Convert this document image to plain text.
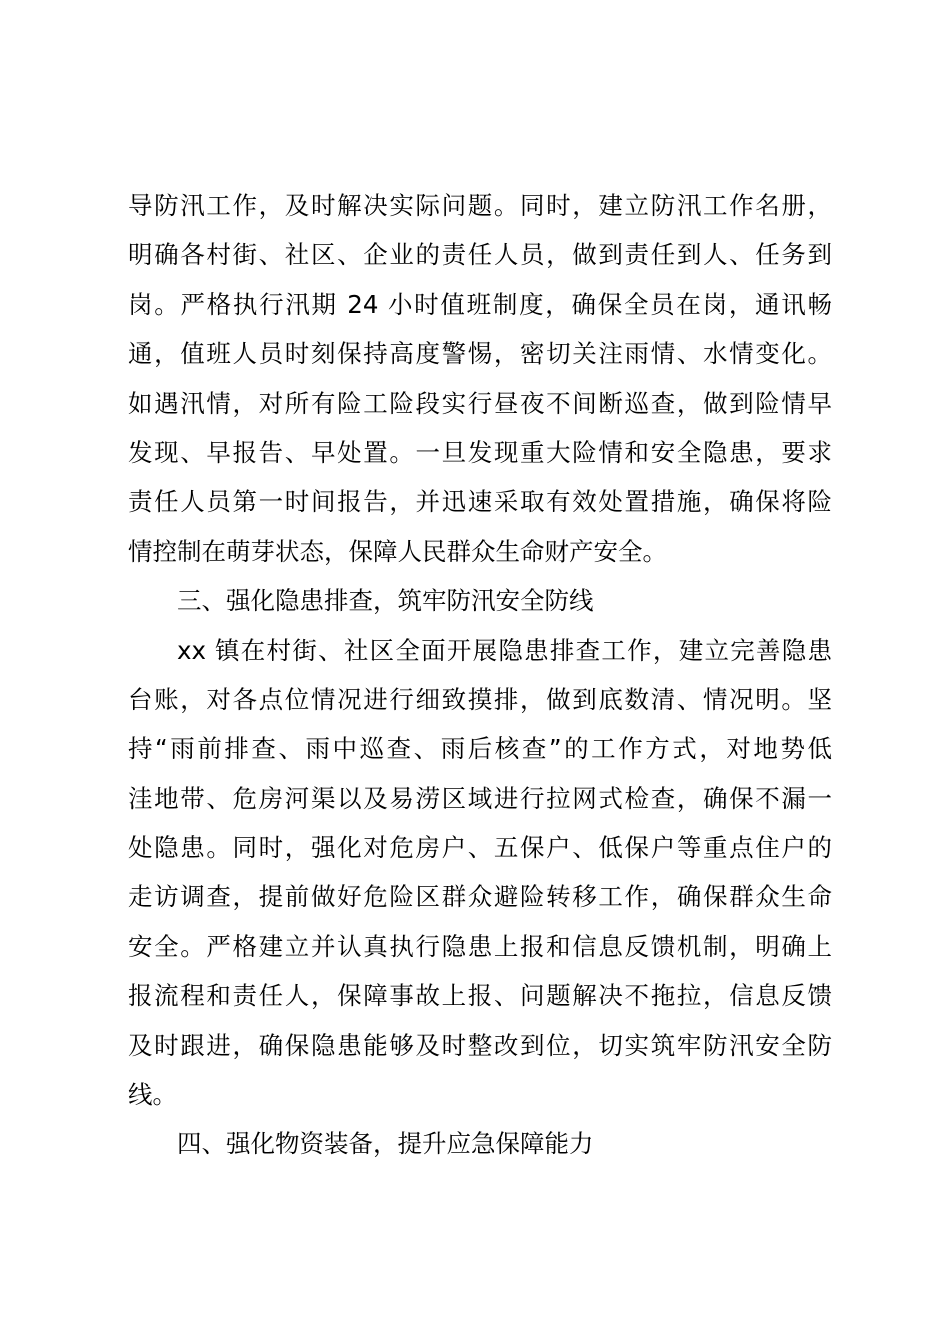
导防汛工作，及时解决实际问题。同时，建立防汛工作名册，
明确各村街、社区、企业的责任人员，做到责任到人、任务到
岗。严格执行汛期 24 小时值班制度，确保全员在岗，通讯畅
通，值班人员时刻保持高度警惕，密切关注雨情、水情变化。
如遇汛情，对所有险工险段实行昼夜不间断巡查，做到险情早
发现、早报告、早处置。一旦发现重大险情和安全隐患，要求
责任人员第一时间报告，并迅速采取有效处置措施，确保将险
情控制在萌芽状态，保障人民群众生命财产安全。
三、强化隐患排查，筑牢防汛安全防线
xx 镇在村街、社区全面开展隐患排查工作，建立完善隐患
台账，对各点位情况进行细致摸排，做到底数清、情况明。坚
持“雨前排查、雨中巡查、雨后核查”的工作方式，对地势低
洼地带、危房河渠以及易涝区域进行拉网式检查，确保不漏一
处隐患。同时，强化对危房户、五保户、低保户等重点住户的
走访调查，提前做好危险区群众避险转移工作，确保群众生命
安全。严格建立并认真执行隐患上报和信息反馈机制，明确上
报流程和责任人，保障事故上报、问题解决不拖拉，信息反馈
及时跟进，确保隐患能够及时整改到位，切实筑牢防汛安全防
线。
四、强化物资装备，提升应急保障能力
